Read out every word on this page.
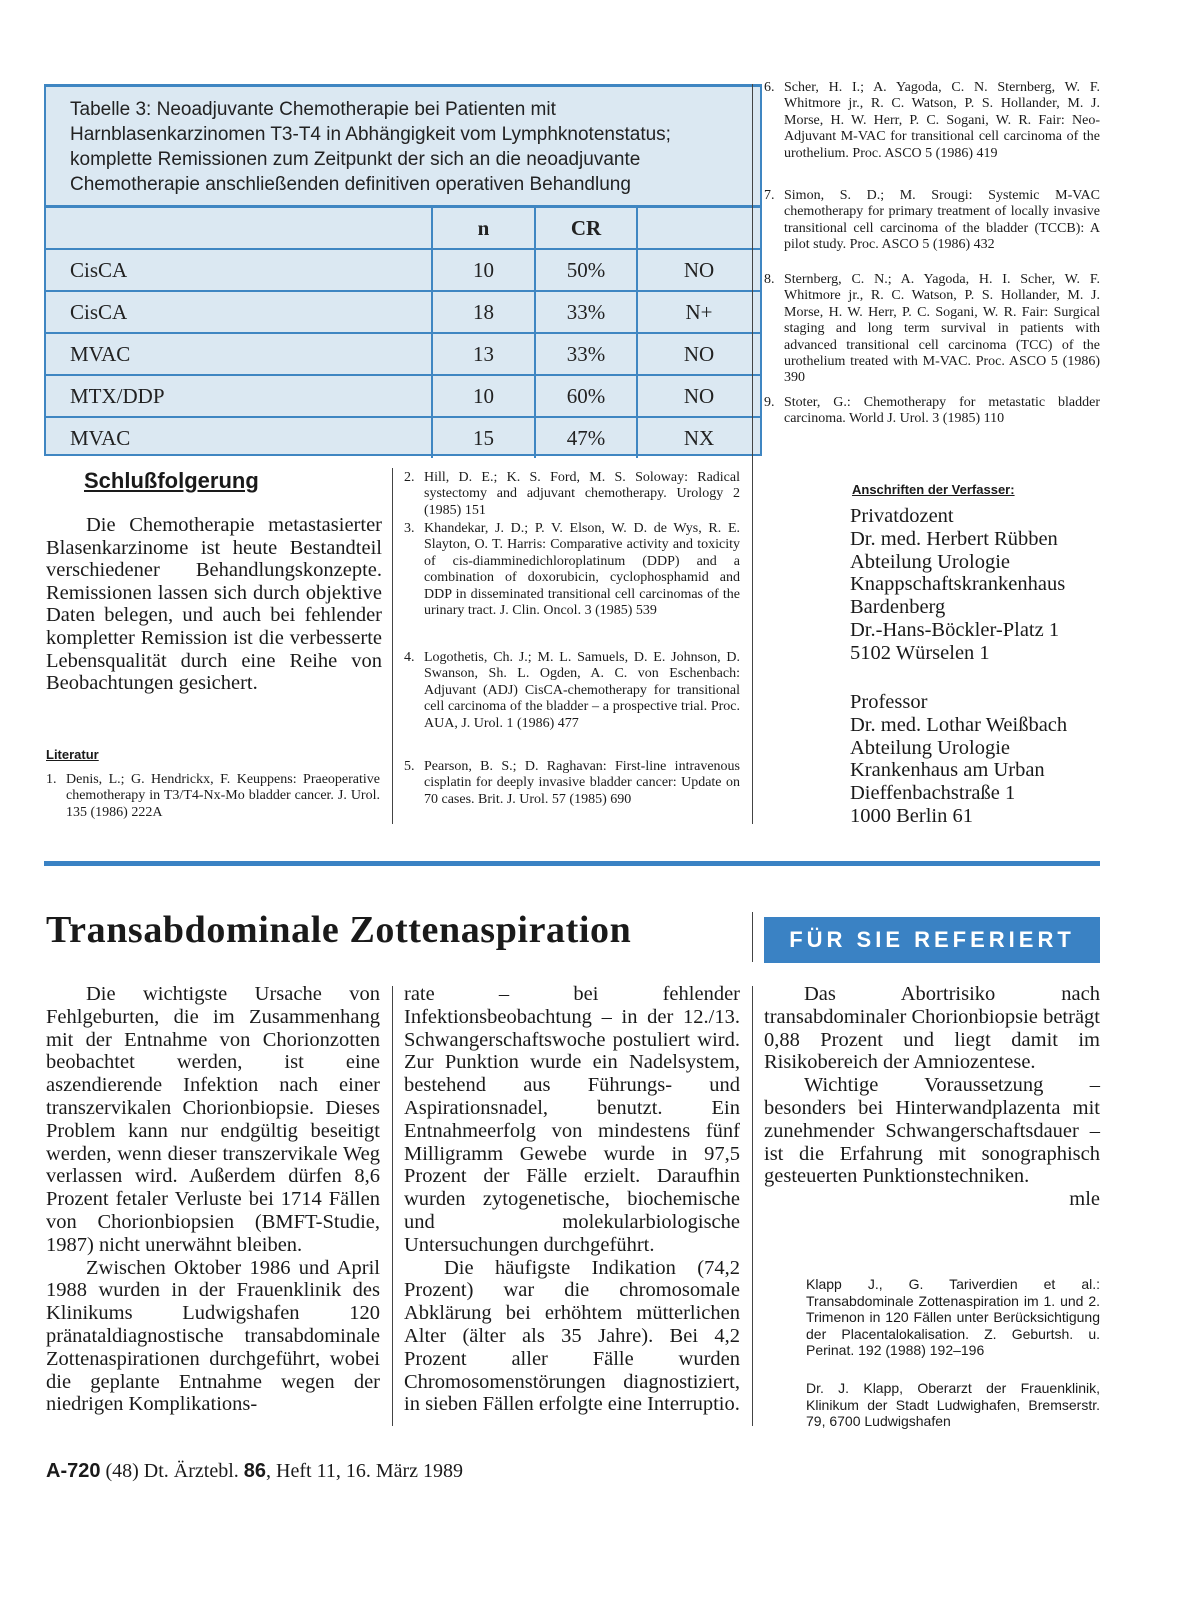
Tabelle 3: Neoadjuvante Chemotherapie bei Patienten mit Harnblasenkarzinomen T3-T4 in Abhängigkeit vom Lymphknotenstatus; komplette Remissionen zum Zeitpunkt der sich an die neoadjuvante Chemotherapie anschließenden definitiven operativen Behandlung
	n	CR	
CisCA	10	50%	NO
CisCA	18	33%	N+
MVAC	13	33%	NO
MTX/DDP	10	60%	NO
MVAC	15	47%	NX
Schlußfolgerung
Die Chemotherapie metastasierter Blasenkarzinome ist heute Bestandteil verschiedener Behandlungskonzepte. Remissionen lassen sich durch objektive Daten belegen, und auch bei fehlender kompletter Remission ist die verbesserte Lebensqualität durch eine Reihe von Beobachtungen gesichert.
Literatur
1. Denis, L.; G. Hendrickx, F. Keuppens: Praeoperative chemotherapy in T3/T4-Nx-Mo bladder cancer. J. Urol. 135 (1986) 222A
2. Hill, D. E.; K. S. Ford, M. S. Soloway: Radical systectomy and adjuvant chemotherapy. Urology 2 (1985) 151
3. Khandekar, J. D.; P. V. Elson, W. D. de Wys, R. E. Slayton, O. T. Harris: Comparative activity and toxicity of cis-diamminedichloroplatinum (DDP) and a combination of doxorubicin, cyclophosphamid and DDP in disseminated transitional cell carcinomas of the urinary tract. J. Clin. Oncol. 3 (1985) 539
4. Logothetis, Ch. J.; M. L. Samuels, D. E. Johnson, D. Swanson, Sh. L. Ogden, A. C. von Eschenbach: Adjuvant (ADJ) CisCA-chemotherapy for transitional cell carcinoma of the bladder – a prospective trial. Proc. AUA, J. Urol. 1 (1986) 477
5. Pearson, B. S.; D. Raghavan: First-line intravenous cisplatin for deeply invasive bladder cancer: Update on 70 cases. Brit. J. Urol. 57 (1985) 690
6. Scher, H. I.; A. Yagoda, C. N. Sternberg, W. F. Whitmore jr., R. C. Watson, P. S. Hollander, M. J. Morse, H. W. Herr, P. C. Sogani, W. R. Fair: Neo-Adjuvant M-VAC for transitional cell carcinoma of the urothelium. Proc. ASCO 5 (1986) 419
7. Simon, S. D.; M. Srougi: Systemic M-VAC chemotherapy for primary treatment of locally invasive transitional cell carcinoma of the bladder (TCCB): A pilot study. Proc. ASCO 5 (1986) 432
8. Sternberg, C. N.; A. Yagoda, H. I. Scher, W. F. Whitmore jr., R. C. Watson, P. S. Hollander, M. J. Morse, H. W. Herr, P. C. Sogani, W. R. Fair: Surgical staging and long term survival in patients with advanced transitional cell carcinoma (TCC) of the urothelium treated with M-VAC. Proc. ASCO 5 (1986) 390
9. Stoter, G.: Chemotherapy for metastatic bladder carcinoma. World J. Urol. 3 (1985) 110
Anschriften der Verfasser:
Privatdozent
Dr. med. Herbert Rübben
Abteilung Urologie
Knappschaftskrankenhaus
Bardenberg
Dr.-Hans-Böckler-Platz 1
5102 Würselen 1
Professor
Dr. med. Lothar Weißbach
Abteilung Urologie
Krankenhaus am Urban
Dieffenbachstraße 1
1000 Berlin 61
Transabdominale Zottenaspiration	FÜR SIE REFERIERT

Die wichtigste Ursache von Fehlgeburten, die im Zusammenhang mit der Entnahme von Chorionzotten beobachtet werden, ist eine aszendierende Infektion nach einer transzervikalen Chorionbiopsie. Dieses Problem kann nur endgültig beseitigt werden, wenn dieser transzervikale Weg verlassen wird. Außerdem dürfen 8,6 Prozent fetaler Verluste bei 1714 Fällen von Chorionbiopsien (BMFT-Studie, 1987) nicht unerwähnt bleiben.

Zwischen Oktober 1986 und April 1988 wurden in der Frauenklinik des Klinikums Ludwigshafen 120 pränataldiagnostische transabdominale Zottenaspirationen durchgeführt, wobei die geplante Entnahme wegen der niedrigen Komplikations-

rate – bei fehlender Infektionsbeobachtung – in der 12./13. Schwangerschaftswoche postuliert wird. Zur Punktion wurde ein Nadelsystem, bestehend aus Führungs- und Aspirationsnadel, benutzt. Ein Entnahmeerfolg von mindestens fünf Milligramm Gewebe wurde in 97,5 Prozent der Fälle erzielt. Daraufhin wurden zytogenetische, biochemische und molekularbiologische Untersuchungen durchgeführt.

Die häufigste Indikation (74,2 Prozent) war die chromosomale Abklärung bei erhöhtem mütterlichen Alter (älter als 35 Jahre). Bei 4,2 Prozent aller Fälle wurden Chromosomenstörungen diagnostiziert, in sieben Fällen erfolgte eine Interruptio.

Das Abortrisiko nach transabdominaler Chorionbiopsie beträgt 0,88 Prozent und liegt damit im Risikobereich der Amniozentese.

Wichtige Voraussetzung – besonders bei Hinterwandplazenta mit zunehmender Schwangerschaftsdauer – ist die Erfahrung mit sonographisch gesteuerten Punktionstechniken.

mle
Klapp J., G. Tariverdien et al.: Transabdominale Zottenaspiration im 1. und 2. Trimenon in 120 Fällen unter Berücksichtigung der Placentalokalisation. Z. Geburtsh. u. Perinat. 192 (1988) 192–196
Dr. J. Klapp, Oberarzt der Frauenklinik, Klinikum der Stadt Ludwighafen, Bremserstr. 79, 6700 Ludwigshafen
A-720 (48) Dt. Ärztebl. 86, Heft 11, 16. März 1989
